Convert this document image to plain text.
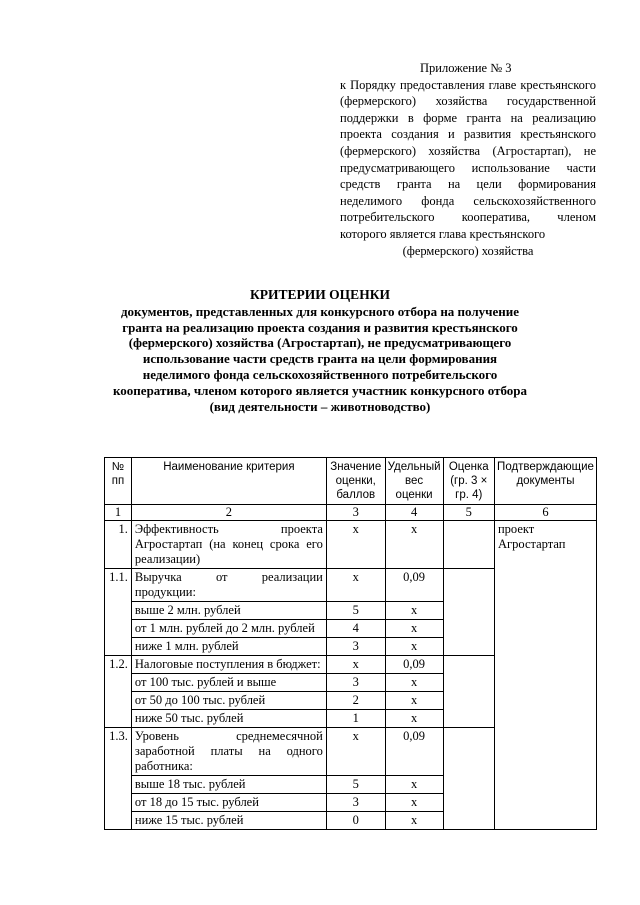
Приложение № 3
к Порядку предоставления главе крестьянского (фермерского) хозяйства государственной поддержки в форме гранта на реализацию проекта создания и развития крестьянского (фермерского) хозяйства (Агростартап), не предусматривающего использование части средств гранта на цели формирования неделимого фонда сельскохозяйственного потребительского кооператива, членом которого является глава крестьянского
(фермерского) хозяйства
КРИТЕРИИ ОЦЕНКИ
документов, представленных для конкурсного отбора на получение гранта на реализацию проекта создания и развития крестьянского (фермерского) хозяйства (Агростартап), не предусматривающего использование части средств гранта на цели формирования неделимого фонда сельскохозяйственного потребительского кооператива, членом которого является участник конкурсного отбора (вид деятельности – животноводство)
№ пп	Наименование критерия	Значение оценки, баллов	Удельный вес оценки	Оценка (гр. 3 × гр. 4)	Подтверждающие документы
1	2	3	4	5	6
1.	Эффективность проекта Агростартап (на конец срока его реализации)	х	х		проект Агростартап
1.1.	Выручка от реализации продукции:	х	0,09		
	выше 2 млн. рублей	5	х		
	от 1 млн. рублей до 2 млн. рублей	4	х		
	ниже 1 млн. рублей	3	х		
1.2.	Налоговые поступления в бюджет:	х	0,09		
	от 100 тыс. рублей и выше	3	х		
	от 50 до 100 тыс. рублей	2	х		
	ниже 50 тыс. рублей	1	х		
1.3.	Уровень среднемесячной заработной платы на одного работника:	х	0,09		
	выше 18 тыс. рублей	5	х		
	от 18 до 15 тыс. рублей	3	х		
	ниже 15 тыс. рублей	0	х		
